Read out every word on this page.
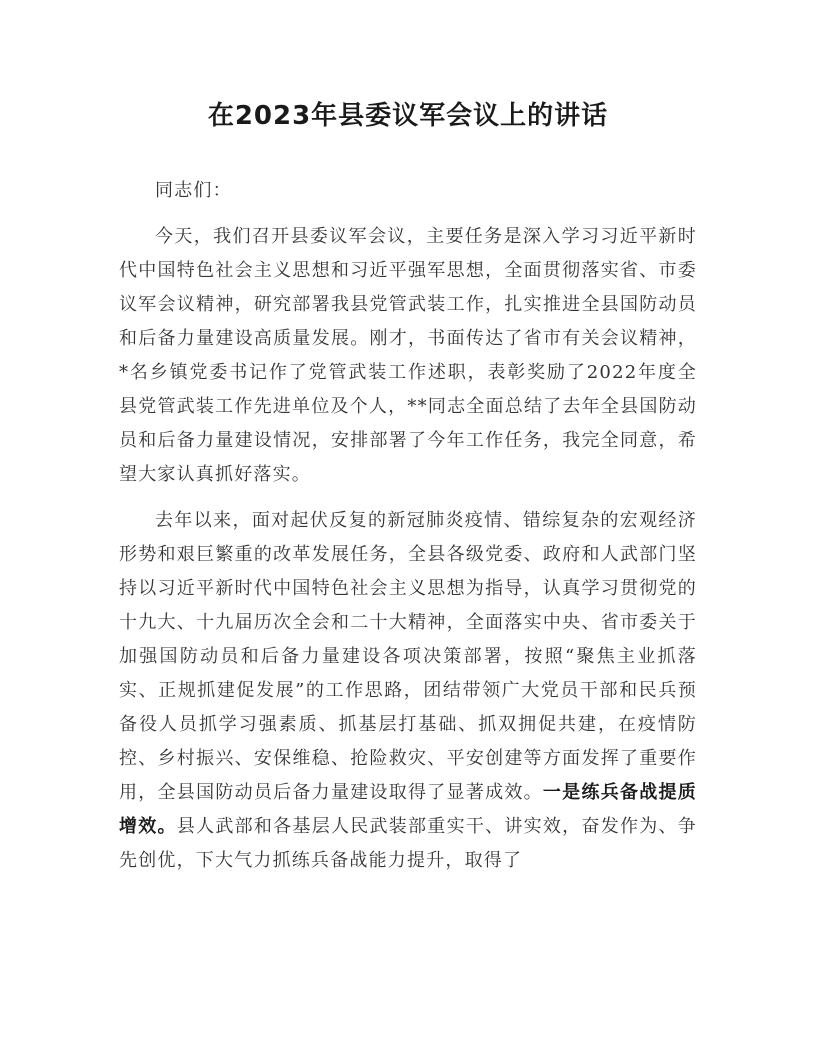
在2023年县委议军会议上的讲话

同志们：

今天，我们召开县委议军会议，主要任务是深入学习习近平新时代中国特色社会主义思想和习近平强军思想，全面贯彻落实省、市委议军会议精神，研究部署我县党管武装工作，扎实推进全县国防动员和后备力量建设高质量发展。刚才，书面传达了省市有关会议精神，*名乡镇党委书记作了党管武装工作述职，表彰奖励了2022年度全县党管武装工作先进单位及个人，**同志全面总结了去年全县国防动员和后备力量建设情况，安排部署了今年工作任务，我完全同意，希望大家认真抓好落实。

去年以来，面对起伏反复的新冠肺炎疫情、错综复杂的宏观经济形势和艰巨繁重的改革发展任务，全县各级党委、政府和人武部门坚持以习近平新时代中国特色社会主义思想为指导，认真学习贯彻党的十九大、十九届历次全会和二十大精神，全面落实中央、省市委关于加强国防动员和后备力量建设各项决策部署，按照“聚焦主业抓落实、正规抓建促发展”的工作思路，团结带领广大党员干部和民兵预备役人员抓学习强素质、抓基层打基础、抓双拥促共建，在疫情防控、乡村振兴、安保维稳、抢险救灾、平安创建等方面发挥了重要作用，全县国防动员后备力量建设取得了显著成效。一是练兵备战提质增效。县人武部和各基层人民武装部重实干、讲实效，奋发作为、争先创优，下大气力抓练兵备战能力提升，取得了
